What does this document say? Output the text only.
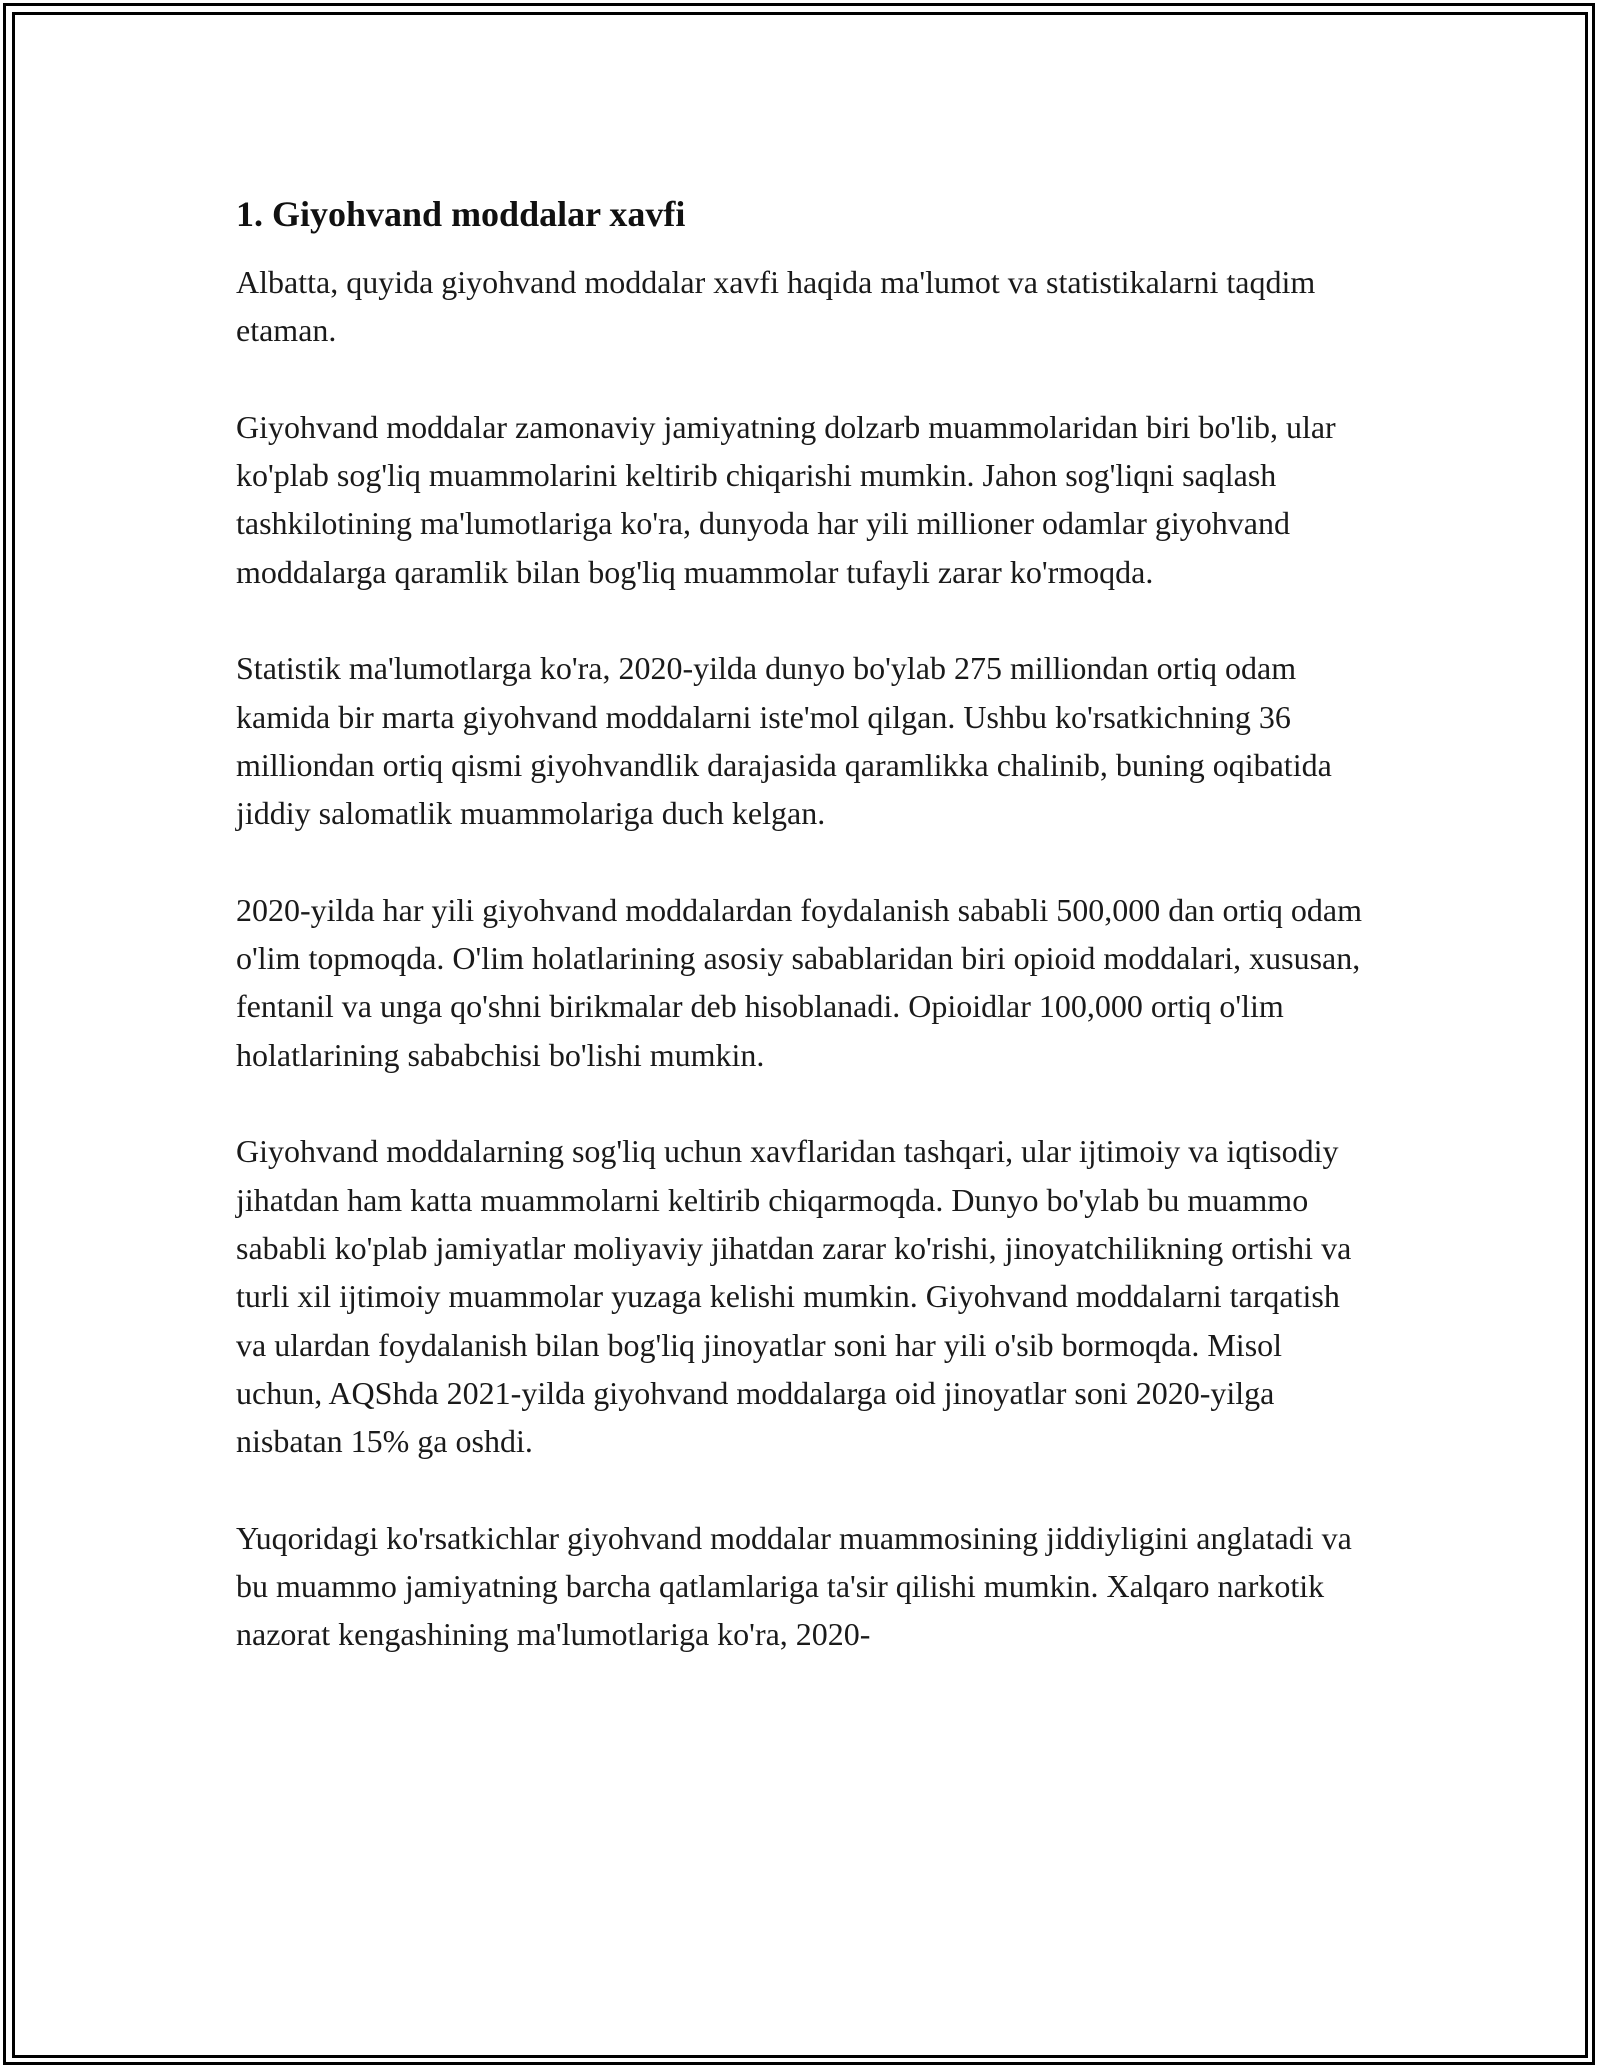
1. Giyohvand moddalar xavfi

Albatta, quyida giyohvand moddalar xavfi haqida ma'lumot va statistikalarni taqdim etaman.

Giyohvand moddalar zamonaviy jamiyatning dolzarb muammolaridan biri bo'lib, ular ko'plab sog'liq muammolarini keltirib chiqarishi mumkin. Jahon sog'liqni saqlash tashkilotining ma'lumotlariga ko'ra, dunyoda har yili millioner odamlar giyohvand moddalarga qaramlik bilan bog'liq muammolar tufayli zarar ko'rmoqda.

Statistik ma'lumotlarga ko'ra, 2020-yilda dunyo bo'ylab 275 milliondan ortiq odam kamida bir marta giyohvand moddalarni iste'mol qilgan. Ushbu ko'rsatkichning 36 milliondan ortiq qismi giyohvandlik darajasida qaramlikka chalinib, buning oqibatida jiddiy salomatlik muammolariga duch kelgan.

2020-yilda har yili giyohvand moddalardan foydalanish sababli 500,000 dan ortiq odam o'lim topmoqda. O'lim holatlarining asosiy sabablaridan biri opioid moddalari, xususan, fentanil va unga qo'shni birikmalar deb hisoblanadi. Opioidlar 100,000 ortiq o'lim holatlarining sababchisi bo'lishi mumkin.

Giyohvand moddalarning sog'liq uchun xavflaridan tashqari, ular ijtimoiy va iqtisodiy jihatdan ham katta muammolarni keltirib chiqarmoqda. Dunyo bo'ylab bu muammo sababli ko'plab jamiyatlar moliyaviy jihatdan zarar ko'rishi, jinoyatchilikning ortishi va turli xil ijtimoiy muammolar yuzaga kelishi mumkin. Giyohvand moddalarni tarqatish va ulardan foydalanish bilan bog'liq jinoyatlar soni har yili o'sib bormoqda. Misol uchun, AQShda 2021-yilda giyohvand moddalarga oid jinoyatlar soni 2020-yilga nisbatan 15% ga oshdi.

Yuqoridagi ko'rsatkichlar giyohvand moddalar muammosining jiddiyligini anglatadi va bu muammo jamiyatning barcha qatlamlariga ta'sir qilishi mumkin. Xalqaro narkotik nazorat kengashining ma'lumotlariga ko'ra, 2020-
